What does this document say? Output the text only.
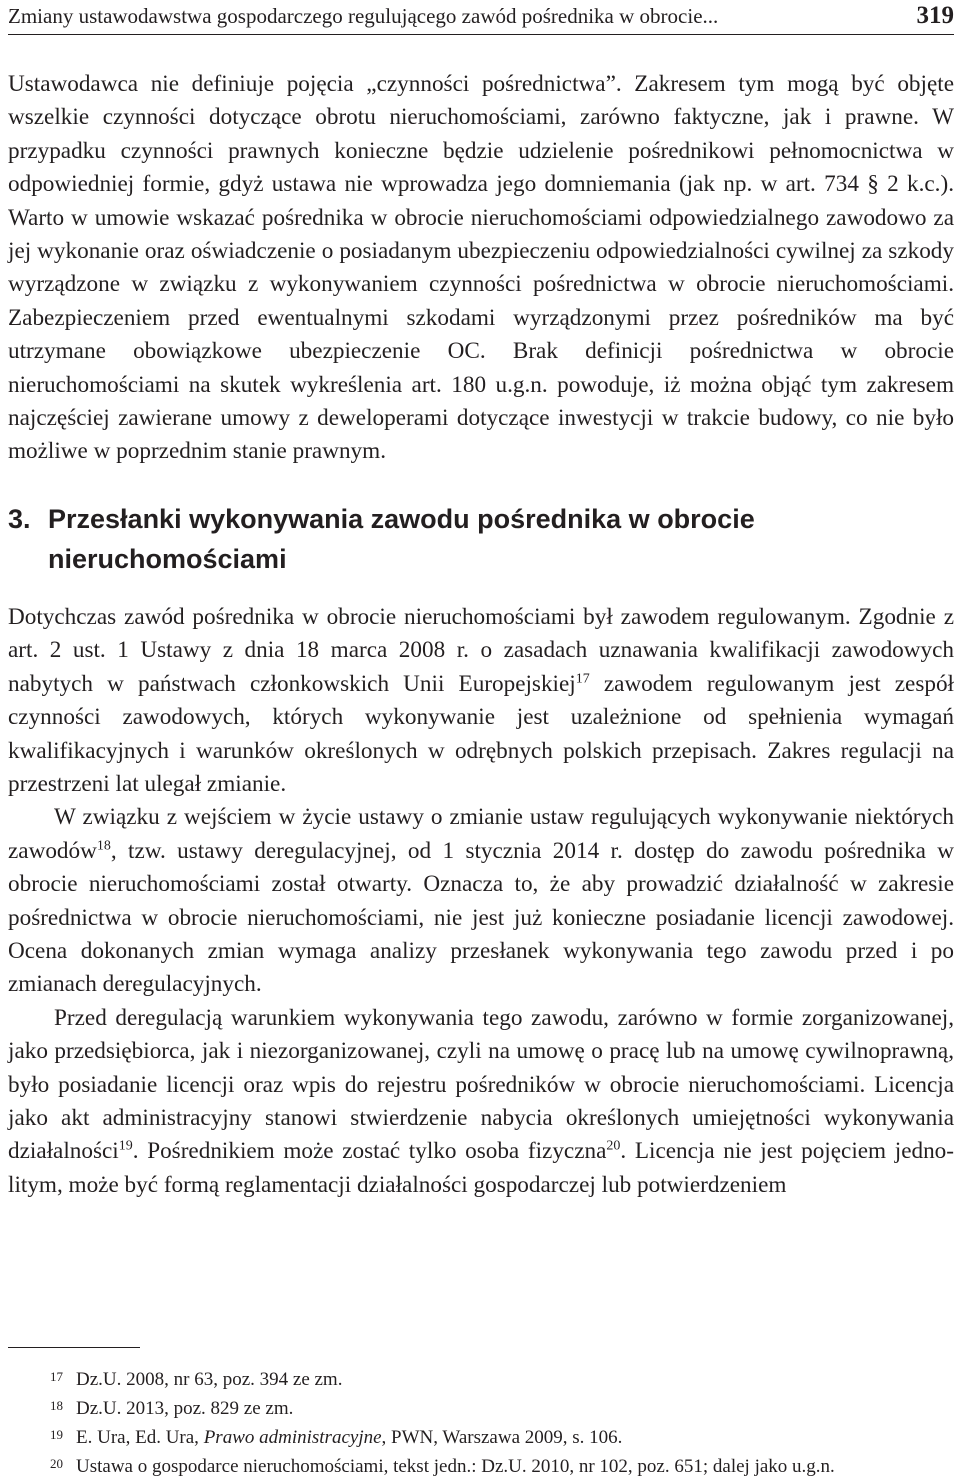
Zmiany ustawodawstwa gospodarczego regulującego zawód pośrednika w obrocie...	319

Ustawodawca nie definiuje pojęcia „czynności pośrednictwa”. Zakresem tym mogą być objęte wszelkie czynności dotyczące obrotu nieruchomościami, zarówno faktyczne, jak i prawne. W przypadku czynności prawnych konieczne będzie udzielenie pośrednikowi pełnomocnictwa w odpowiedniej formie, gdyż ustawa nie wprowadza jego domniemania (jak np. w art. 734 § 2 k.c.). Warto w umowie wskazać pośrednika w obrocie nieruchomościami odpowiedzialnego zawodowo za jej wykonanie oraz oświadczenie o posiadanym ubezpieczeniu odpowiedzialności cywilnej za szkody wyrządzone w związku z wykonywaniem czynności pośrednictwa w obrocie nieruchomościami. Zabezpieczeniem przed ewentualnymi szkodami wyrządzonymi przez pośredników ma być utrzymane obowiązkowe ubezpieczenie OC. Brak definicji pośrednictwa w obrocie nieruchomościami na skutek wykreślenia art. 180 u.g.n. powoduje, iż można objąć tym zakresem najczęściej zawierane umowy z deweloperami dotyczące inwestycji w trakcie budowy, co nie było możliwe w poprzednim stanie prawnym.

3. Przesłanki wykonywania zawodu pośrednika w obrocie nieruchomościami

Dotychczas zawód pośrednika w obrocie nieruchomościami był zawodem regulowanym. Zgodnie z art. 2 ust. 1 Ustawy z dnia 18 marca 2008 r. o zasadach uznawania kwalifikacji zawodowych nabytych w państwach członkowskich Unii Europejskiej$^{17}$ zawodem regulowanym jest zespół czynności zawodowych, których wykonywanie jest uzależnione od spełnienia wymagań kwalifikacyjnych i warunków określonych w odrębnych polskich przepisach. Zakres regulacji na przestrzeni lat ulegał zmianie.

W związku z wejściem w życie ustawy o zmianie ustaw regulujących wykonywanie niektórych zawodów$^{18}$, tzw. ustawy deregulacyjnej, od 1 stycznia 2014 r. dostęp do zawodu pośrednika w obrocie nieruchomościami został otwarty. Oznacza to, że aby prowadzić działalność w zakresie pośrednictwa w obrocie nieruchomościami, nie jest już konieczne posiadanie licencji zawodowej. Ocena dokonanych zmian wymaga analizy przesłanek wykonywania tego zawodu przed i po zmianach deregulacyjnych.

Przed deregulacją warunkiem wykonywania tego zawodu, zarówno w formie zorganizowanej, jako przedsiębiorca, jak i niezorganizowanej, czyli na umowę o pracę lub na umowę cywilnoprawną, było posiadanie licencji oraz wpis do rejestru pośredników w obrocie nieruchomościami. Licencja jako akt administracyjny stanowi stwierdzenie nabycia określonych umiejętności wykonywania działalności$^{19}$. Pośrednikiem może zostać tylko osoba fizyczna$^{20}$. Licencja nie jest pojęciem jednolitym, może być formą reglamentacji działalności gospodarczej lub potwierdzeniem

17 Dz.U. 2008, nr 63, poz. 394 ze zm.
18 Dz.U. 2013, poz. 829 ze zm.
19 E. Ura, Ed. Ura, Prawo administracyjne, PWN, Warszawa 2009, s. 106.
20 Ustawa o gospodarce nieruchomościami, tekst jedn.: Dz.U. 2010, nr 102, poz. 651; dalej jako u.g.n.
